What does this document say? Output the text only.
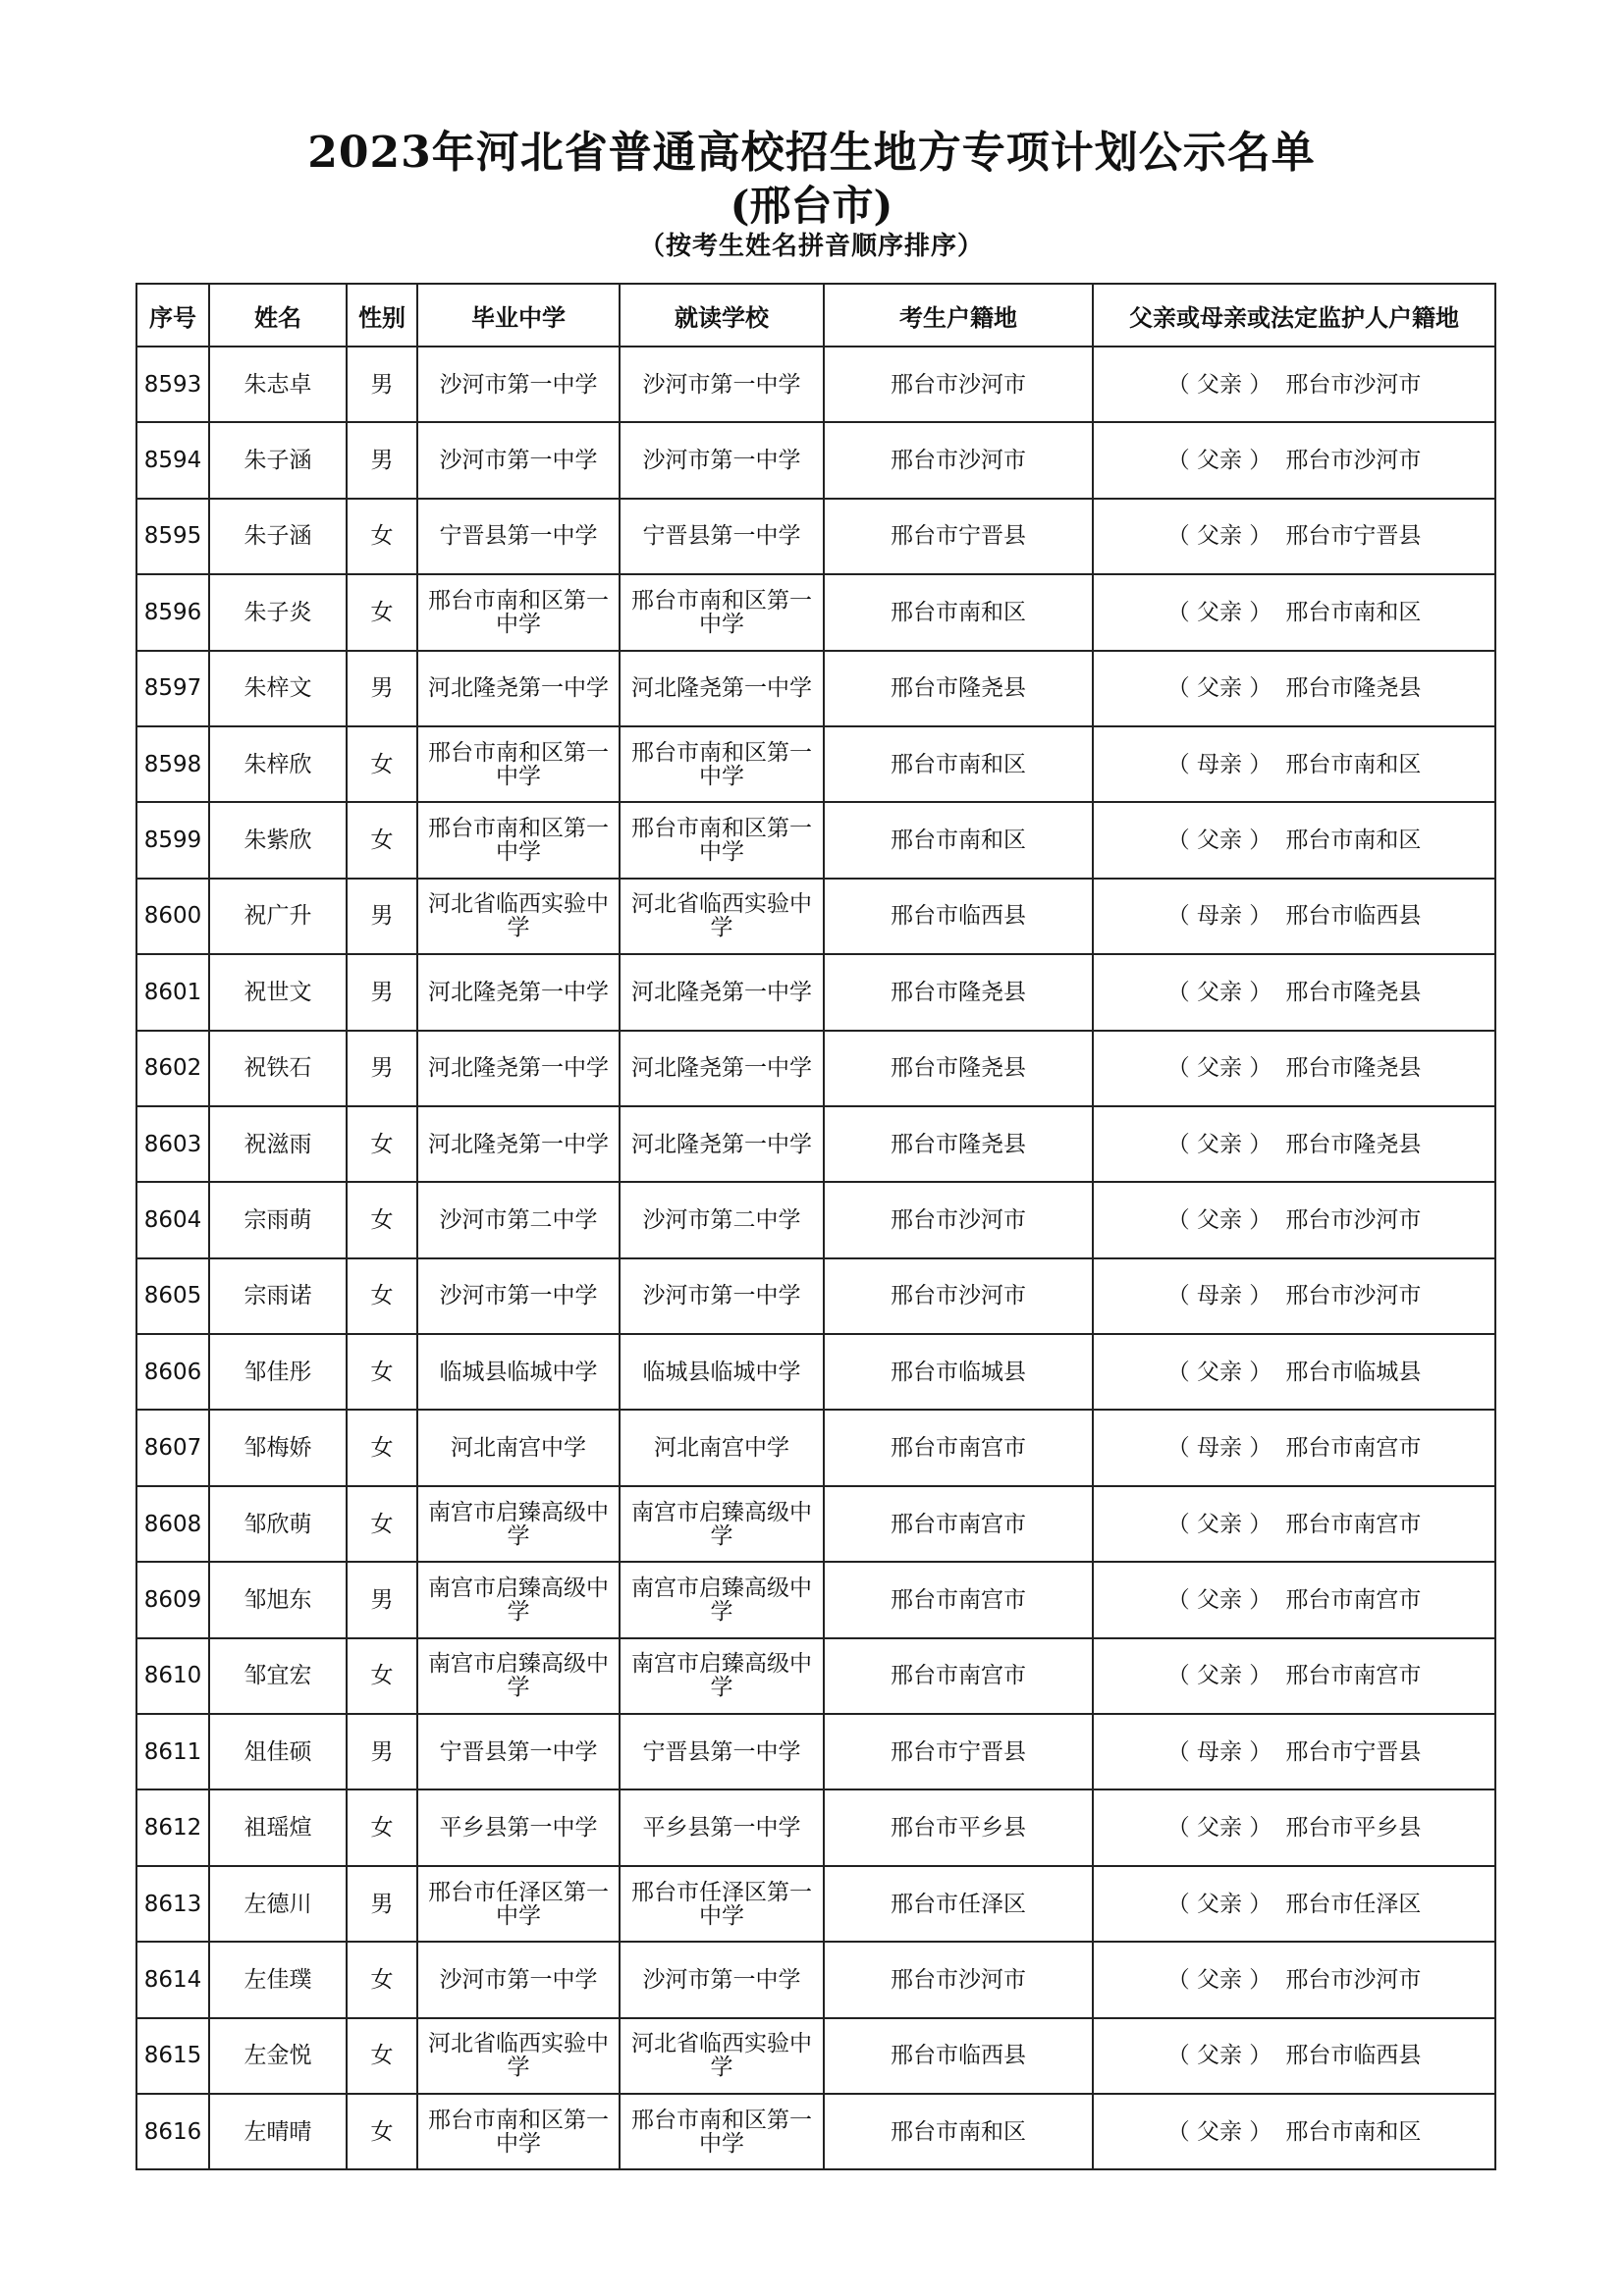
2023年河北省普通高校招生地方专项计划公示名单
(邢台市)
（按考生姓名拼音顺序排序）
序号	姓名	性别	毕业中学	就读学校	考生户籍地	父亲或母亲或法定监护人户籍地
8593	朱志卓	男	沙河市第一中学	沙河市第一中学	邢台市沙河市	（ 父亲 ） 邢台市沙河市
8594	朱子涵	男	沙河市第一中学	沙河市第一中学	邢台市沙河市	（ 父亲 ） 邢台市沙河市
8595	朱子涵	女	宁晋县第一中学	宁晋县第一中学	邢台市宁晋县	（ 父亲 ） 邢台市宁晋县
8596	朱子炎	女	邢台市南和区第一中学	邢台市南和区第一中学	邢台市南和区	（ 父亲 ） 邢台市南和区
8597	朱梓文	男	河北隆尧第一中学	河北隆尧第一中学	邢台市隆尧县	（ 父亲 ） 邢台市隆尧县
8598	朱梓欣	女	邢台市南和区第一中学	邢台市南和区第一中学	邢台市南和区	（ 母亲 ） 邢台市南和区
8599	朱紫欣	女	邢台市南和区第一中学	邢台市南和区第一中学	邢台市南和区	（ 父亲 ） 邢台市南和区
8600	祝广升	男	河北省临西实验中学	河北省临西实验中学	邢台市临西县	（ 母亲 ） 邢台市临西县
8601	祝世文	男	河北隆尧第一中学	河北隆尧第一中学	邢台市隆尧县	（ 父亲 ） 邢台市隆尧县
8602	祝铁石	男	河北隆尧第一中学	河北隆尧第一中学	邢台市隆尧县	（ 父亲 ） 邢台市隆尧县
8603	祝滋雨	女	河北隆尧第一中学	河北隆尧第一中学	邢台市隆尧县	（ 父亲 ） 邢台市隆尧县
8604	宗雨萌	女	沙河市第二中学	沙河市第二中学	邢台市沙河市	（ 父亲 ） 邢台市沙河市
8605	宗雨诺	女	沙河市第一中学	沙河市第一中学	邢台市沙河市	（ 母亲 ） 邢台市沙河市
8606	邹佳彤	女	临城县临城中学	临城县临城中学	邢台市临城县	（ 父亲 ） 邢台市临城县
8607	邹梅娇	女	河北南宫中学	河北南宫中学	邢台市南宫市	（ 母亲 ） 邢台市南宫市
8608	邹欣萌	女	南宫市启臻高级中学	南宫市启臻高级中学	邢台市南宫市	（ 父亲 ） 邢台市南宫市
8609	邹旭东	男	南宫市启臻高级中学	南宫市启臻高级中学	邢台市南宫市	（ 父亲 ） 邢台市南宫市
8610	邹宜宏	女	南宫市启臻高级中学	南宫市启臻高级中学	邢台市南宫市	（ 父亲 ） 邢台市南宫市
8611	俎佳硕	男	宁晋县第一中学	宁晋县第一中学	邢台市宁晋县	（ 母亲 ） 邢台市宁晋县
8612	祖瑶煊	女	平乡县第一中学	平乡县第一中学	邢台市平乡县	（ 父亲 ） 邢台市平乡县
8613	左德川	男	邢台市任泽区第一中学	邢台市任泽区第一中学	邢台市任泽区	（ 父亲 ） 邢台市任泽区
8614	左佳璞	女	沙河市第一中学	沙河市第一中学	邢台市沙河市	（ 父亲 ） 邢台市沙河市
8615	左金悦	女	河北省临西实验中学	河北省临西实验中学	邢台市临西县	（ 父亲 ） 邢台市临西县
8616	左晴晴	女	邢台市南和区第一中学	邢台市南和区第一中学	邢台市南和区	（ 父亲 ） 邢台市南和区
